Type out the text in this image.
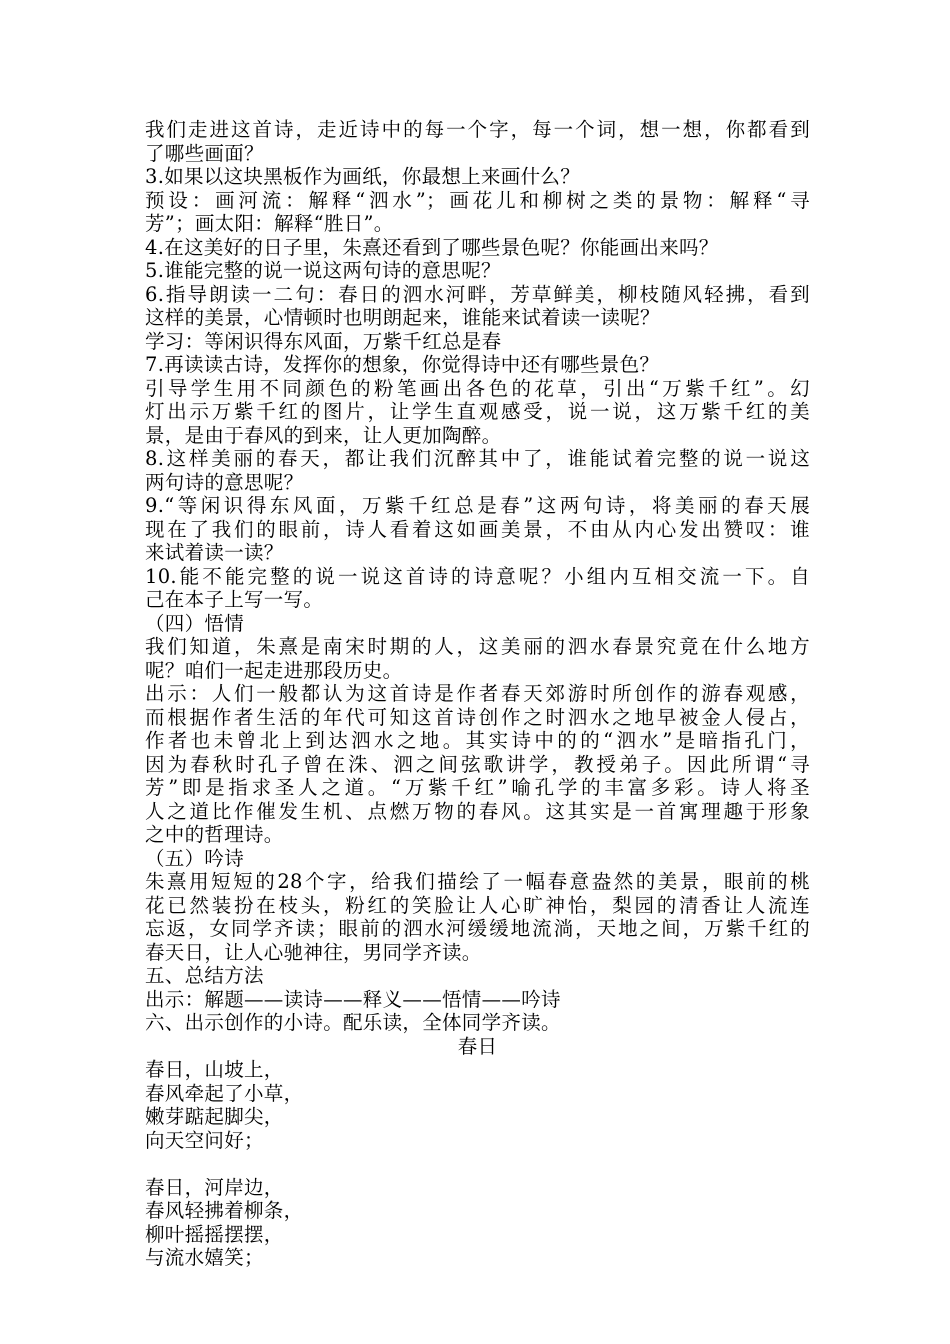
我们走进这首诗，走近诗中的每一个字，每一个词，想一想，你都看到
了哪些画面？
3.如果以这块黑板作为画纸，你最想上来画什么？
预设：画河流：解释“泗水”；画花儿和柳树之类的景物：解释“寻
芳”；画太阳：解释“胜日”。
4.在这美好的日子里，朱熹还看到了哪些景色呢？你能画出来吗？
5.谁能完整的说一说这两句诗的意思呢？
6.指导朗读一二句：春日的泗水河畔，芳草鲜美，柳枝随风轻拂，看到
这样的美景，心情顿时也明朗起来，谁能来试着读一读呢？
学习：等闲识得东风面，万紫千红总是春
7.再读读古诗，发挥你的想象，你觉得诗中还有哪些景色？
引导学生用不同颜色的粉笔画出各色的花草，引出“万紫千红”。幻
灯出示万紫千红的图片，让学生直观感受，说一说，这万紫千红的美
景，是由于春风的到来，让人更加陶醉。
8.这样美丽的春天，都让我们沉醉其中了，谁能试着完整的说一说这
两句诗的意思呢？
9.“等闲识得东风面，万紫千红总是春”这两句诗，将美丽的春天展
现在了我们的眼前，诗人看着这如画美景，不由从内心发出赞叹：谁
来试着读一读？
10.能不能完整的说一说这首诗的诗意呢？小组内互相交流一下。自
己在本子上写一写。
（四）悟情
我们知道，朱熹是南宋时期的人，这美丽的泗水春景究竟在什么地方
呢？咱们一起走进那段历史。
出示：人们一般都认为这首诗是作者春天郊游时所创作的游春观感，
而根据作者生活的年代可知这首诗创作之时泗水之地早被金人侵占，
作者也未曾北上到达泗水之地。其实诗中的的“泗水”是暗指孔门，
因为春秋时孔子曾在洙、泗之间弦歌讲学，教授弟子。因此所谓“寻
芳”即是指求圣人之道。“万紫千红”喻孔学的丰富多彩。诗人将圣
人之道比作催发生机、点燃万物的春风。这其实是一首寓理趣于形象
之中的哲理诗。
（五）吟诗
朱熹用短短的28个字，给我们描绘了一幅春意盎然的美景，眼前的桃
花已然装扮在枝头，粉红的笑脸让人心旷神怡，梨园的清香让人流连
忘返，女同学齐读；眼前的泗水河缓缓地流淌，天地之间，万紫千红的
春天日，让人心驰神往，男同学齐读。
五、总结方法
出示：解题——读诗——释义——悟情——吟诗
六、出示创作的小诗。配乐读，全体同学齐读。
春日
春日，山坡上，
春风牵起了小草，
嫩芽踮起脚尖，
向天空问好；
春日，河岸边，
春风轻拂着柳条，
柳叶摇摇摆摆，
与流水嬉笑；
